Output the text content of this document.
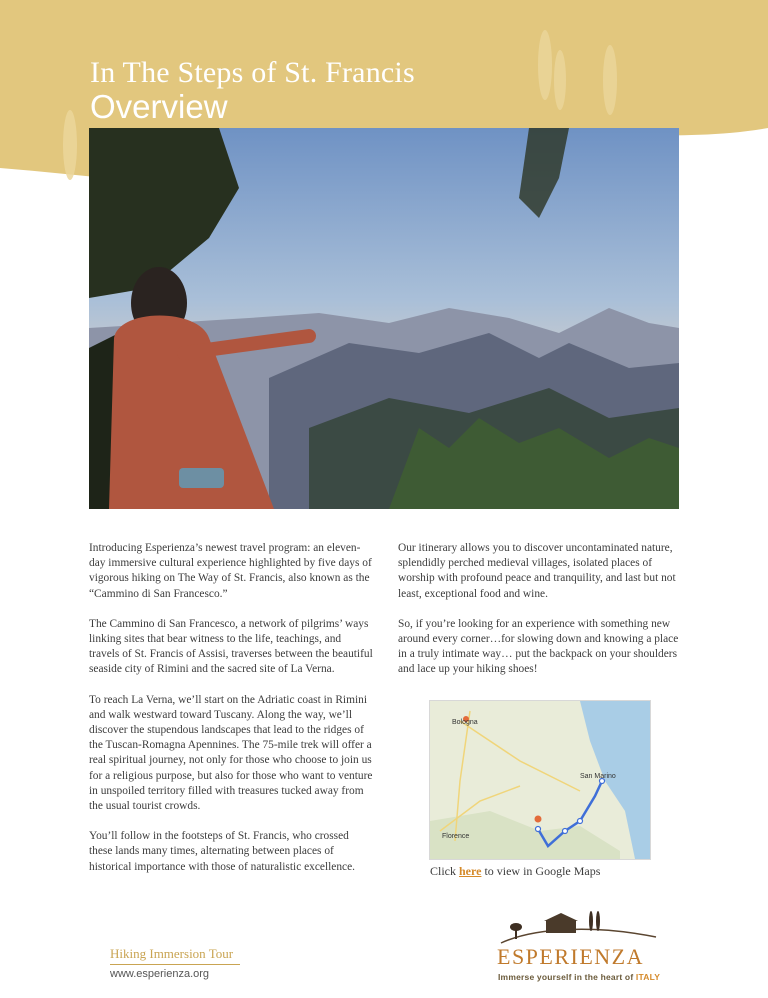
In The Steps of St. Francis
Overview

Introducing Esperienza’s newest travel program: an eleven-day immersive cultural experience highlighted by five days of vigorous hiking on The Way of St. Francis, also known as the “Cammino di San Francesco.”

The Cammino di San Francesco, a network of pilgrims’ ways linking sites that bear witness to the life, teachings, and travels of St. Francis of Assisi, traverses between the beautiful seaside city of Rimini and the sacred site of La Verna.

To reach La Verna, we’ll start on the Adriatic coast in Rimini and walk westward toward Tuscany. Along the way, we’ll discover the stupendous landscapes that lead to the ridges of the Tuscan-Romagna Apennines. The 75-mile trek will offer a real spiritual journey, not only for those who choose to join us for a religious purpose, but also for those who want to venture in unspoiled territory filled with treasures tucked away from the usual tourist crowds.

You’ll follow in the footsteps of St. Francis, who crossed these lands many times, alternating between places of historical importance with those of naturalistic excellence.

Our itinerary allows you to discover uncontaminated nature, splendidly perched medieval villages, isolated places of worship with profound peace and tranquility, and last but not least, exceptional food and wine.

So, if you’re looking for an experience with something new around every corner…for slowing down and knowing a place in a truly intimate way… put the backpack on your shoulders and lace up your hiking shoes!

Bologna
Florence
San Marino
Click here to view in Google Maps
Hiking Immersion Tour
www.esperienza.org
ESPERIENZA
Immerse yourself in the heart of ITALY
